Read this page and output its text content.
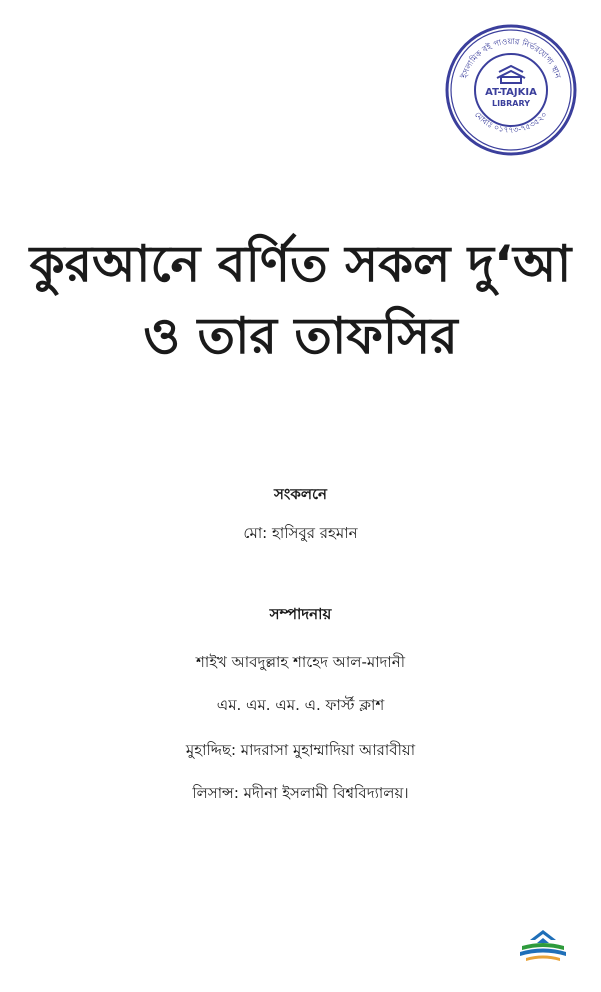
ইসলামিক বই পাওয়ার নির্ভরযোগ্য স্থান
মোবাঃ ০১৭৭৩-৭৫৩৫২০
AT-TAJKIA
LIBRARY
কুরআনে বর্ণিত সকল দু‘আ
ও তার তাফসির
সংকলনে
মো: হাসিবুর রহমান
সম্পাদনায়
শাইখ আবদুল্লাহ শাহেদ আল-মাদানী
এম. এম. এম. এ. ফার্স্ট ক্লাশ
মুহাদ্দিছ: মাদরাসা মুহাম্মাদিয়া আরাবীয়া
লিসান্স: মদীনা ইসলামী বিশ্ববিদ্যালয়।
